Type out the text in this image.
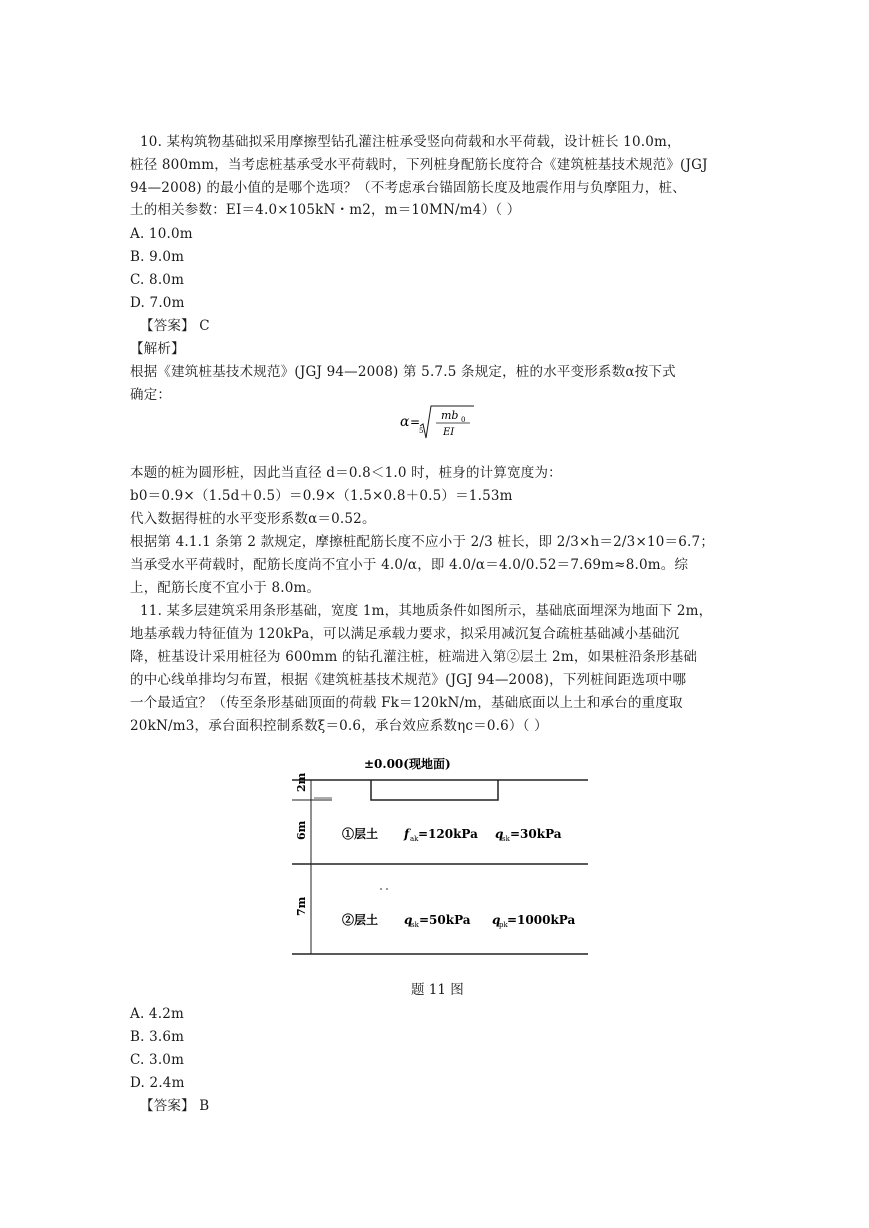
10. 某构筑物基础拟采用摩擦型钻孔灌注桩承受竖向荷载和水平荷载，设计桩长 10.0m，
桩径 800mm，当考虑桩基承受水平荷载时，下列桩身配筋长度符合《建筑桩基技术规范》(JGJ
94—2008) 的最小值的是哪个选项？（不考虑承台锚固筋长度及地震作用与负摩阻力，桩、
土的相关参数：EI＝4.0×105kN・m2，m＝10MN/m4）（ ）
A. 10.0m
B. 9.0m
C. 8.0m
D. 7.0m
【答案】 C
【解析】
根据《建筑桩基技术规范》(JGJ 94—2008) 第 5.7.5 条规定，桩的水平变形系数α按下式
确定：
α =
5
mb 0
EI
本题的桩为圆形桩，因此当直径 d＝0.8＜1.0 时，桩身的计算宽度为：
b0＝0.9×（1.5d＋0.5）＝0.9×（1.5×0.8＋0.5）＝1.53m
代入数据得桩的水平变形系数α＝0.52。
根据第 4.1.1 条第 2 款规定，摩擦桩配筋长度不应小于 2/3 桩长，即 2/3×h＝2/3×10＝6.7；
当承受水平荷载时，配筋长度尚不宜小于 4.0/α，即 4.0/α＝4.0/0.52＝7.69m≈8.0m。综
上，配筋长度不宜小于 8.0m。
11. 某多层建筑采用条形基础，宽度 1m，其地质条件如图所示，基础底面埋深为地面下 2m，
地基承载力特征值为 120kPa，可以满足承载力要求，拟采用减沉复合疏桩基础减小基础沉
降，桩基设计采用桩径为 600mm 的钻孔灌注桩，桩端进入第②层土 2m，如果桩沿条形基础
的中心线单排均匀布置，根据《建筑桩基技术规范》(JGJ 94—2008)，下列桩间距选项中哪
一个最适宜？（传至条形基础顶面的荷载 Fk＝120kN/m，基础底面以上土和承台的重度取
20kN/m3，承台面积控制系数ξ＝0.6，承台效应系数ηc＝0.6）（ ）
±0.00(现地面)
2m
6m
7m
①层土 f ak =120kPa q
sk =30kPa
②层土 q
sk =50kPa q
pk =1000kPa
题 11 图
A. 4.2m
B. 3.6m
C. 3.0m
D. 2.4m
【答案】 B
